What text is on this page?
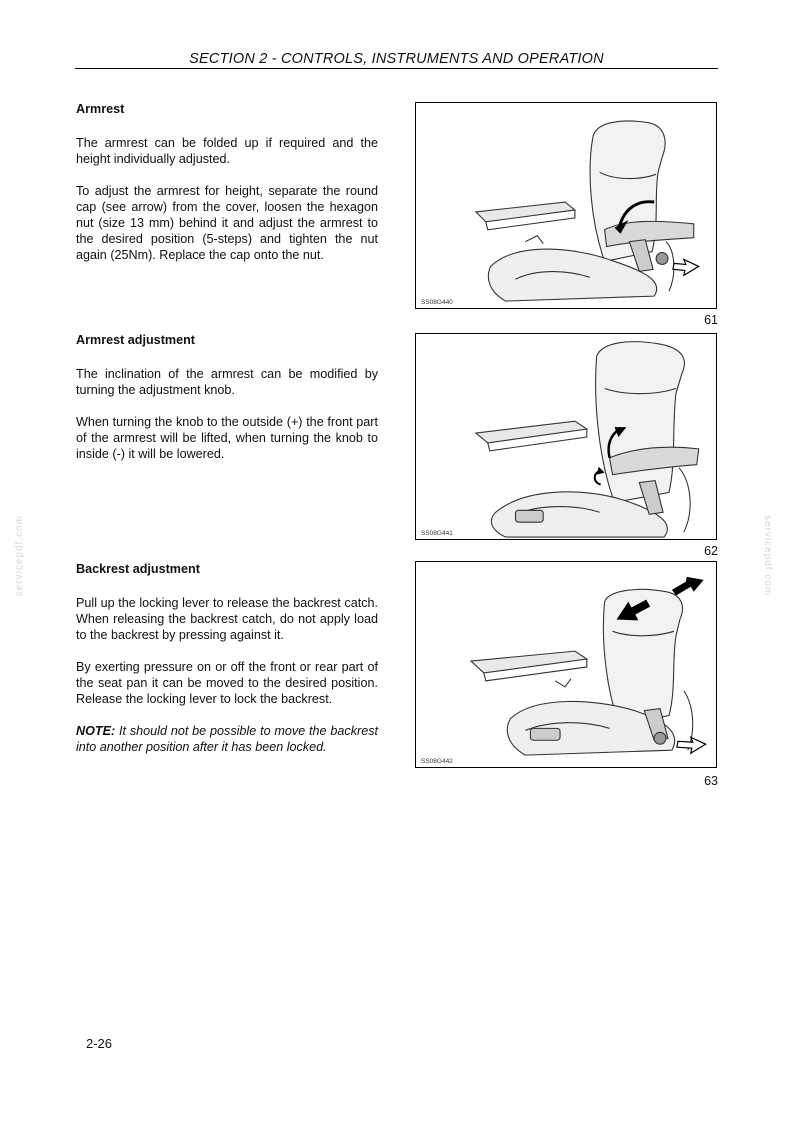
SECTION 2 - CONTROLS, INSTRUMENTS AND OPERATION
Armrest

The armrest can be folded up if required and the height individually adjusted.

To adjust the armrest for height, separate the round cap (see arrow) from the cover, loosen the hexagon nut (size 13 mm) behind it and adjust the armrest to the desired position (5-steps) and tighten the nut again (25Nm). Replace the cap onto the nut.

Armrest adjustment

The inclination of the armrest can be modified by turning the adjustment knob.

When turning the knob to the outside (+) the front part of the armrest will be lifted, when turning the knob to inside (-) it will be lowered.

Backrest adjustment

Pull up the locking lever to release the backrest catch. When releasing the backrest catch, do not apply load to the backrest by pressing against it.

By exerting pressure on or off the front or rear part of the seat pan it can be moved to the desired position. Release the locking lever to lock the backrest.

NOTE: It should not be possible to move the backrest into another position after it has been locked.

SS08G440
61
SS08G441
62
SS08G442
63
servicepdf.com	servicepdf.com
2-26
